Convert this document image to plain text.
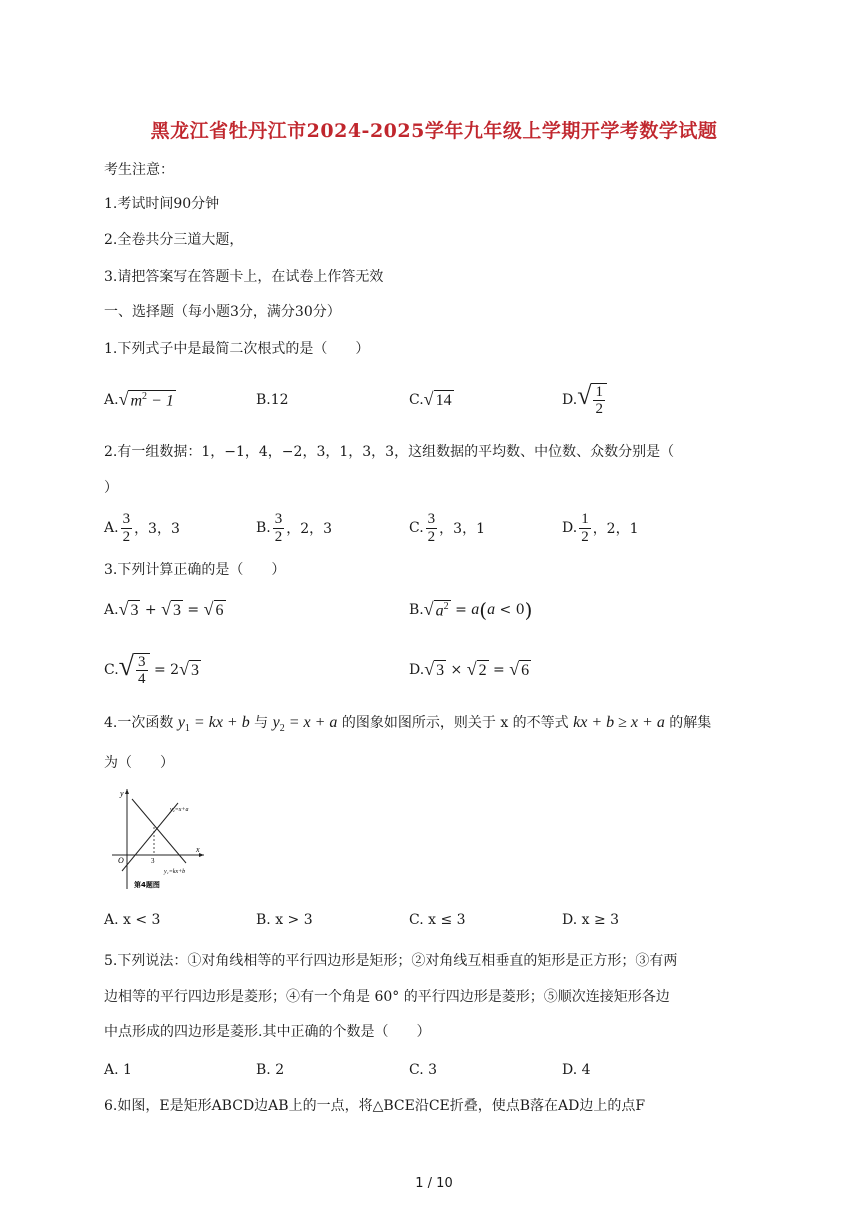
黑龙江省牡丹江市2024-2025学年九年级上学期开学考数学试题
考生注意：
1.考试时间90分钟
2.全卷共分三道大题，
3.请把答案写在答题卡上，在试卷上作答无效
一、选择题（每小题3分，满分30分）
1.下列式子中是最简二次根式的是（　　）
A. √ $m^2 - 1$	B.12	C. √ 14	D. √ $\frac{1}{2}$
2.有一组数据：1，−1，4，−2，3，1，3，3，这组数据的平均数、中位数、众数分别是（
）
A. $\frac{3}{2}$ ，3，3	B. $\frac{3}{2}$ ，2，3	C. $\frac{3}{2}$ ，3，1	D. $\frac{1}{2}$ ，2，1
3.下列计算正确的是（　　）
A. √ 3 + √ 3 = √ 6	B. √ $a^2 = a$ ( a < 0 )
C. √ $\frac{3}{4} = 2$ √ 3	D. √ 3 × √ 2 = √ 6
4.一次函数 $y_1$ = kx + b 与 $y_2 = x + a$ 的图象如图所示，则关于 x 的不等式 kx + b ≥ x + a 的解集
为（　　）
y
x
O	3
y₂=x+a
y₁=kx+b
第4题图
A. x < 3	B. x > 3	C. x ≤ 3	D. x ≥ 3
5.下列说法：①对角线相等的平行四边形是矩形；②对角线互相垂直的矩形是正方形；③有两
边相等的平行四边形是菱形；④有一个角是 60° 的平行四边形是菱形；⑤顺次连接矩形各边
中点形成的四边形是菱形.其中正确的个数是（　　）
A. 1	B. 2	C. 3	D. 4
6.如图，E是矩形ABCD边AB上的一点，将△BCE沿CE折叠，使点B落在AD边上的点F
1 / 10
